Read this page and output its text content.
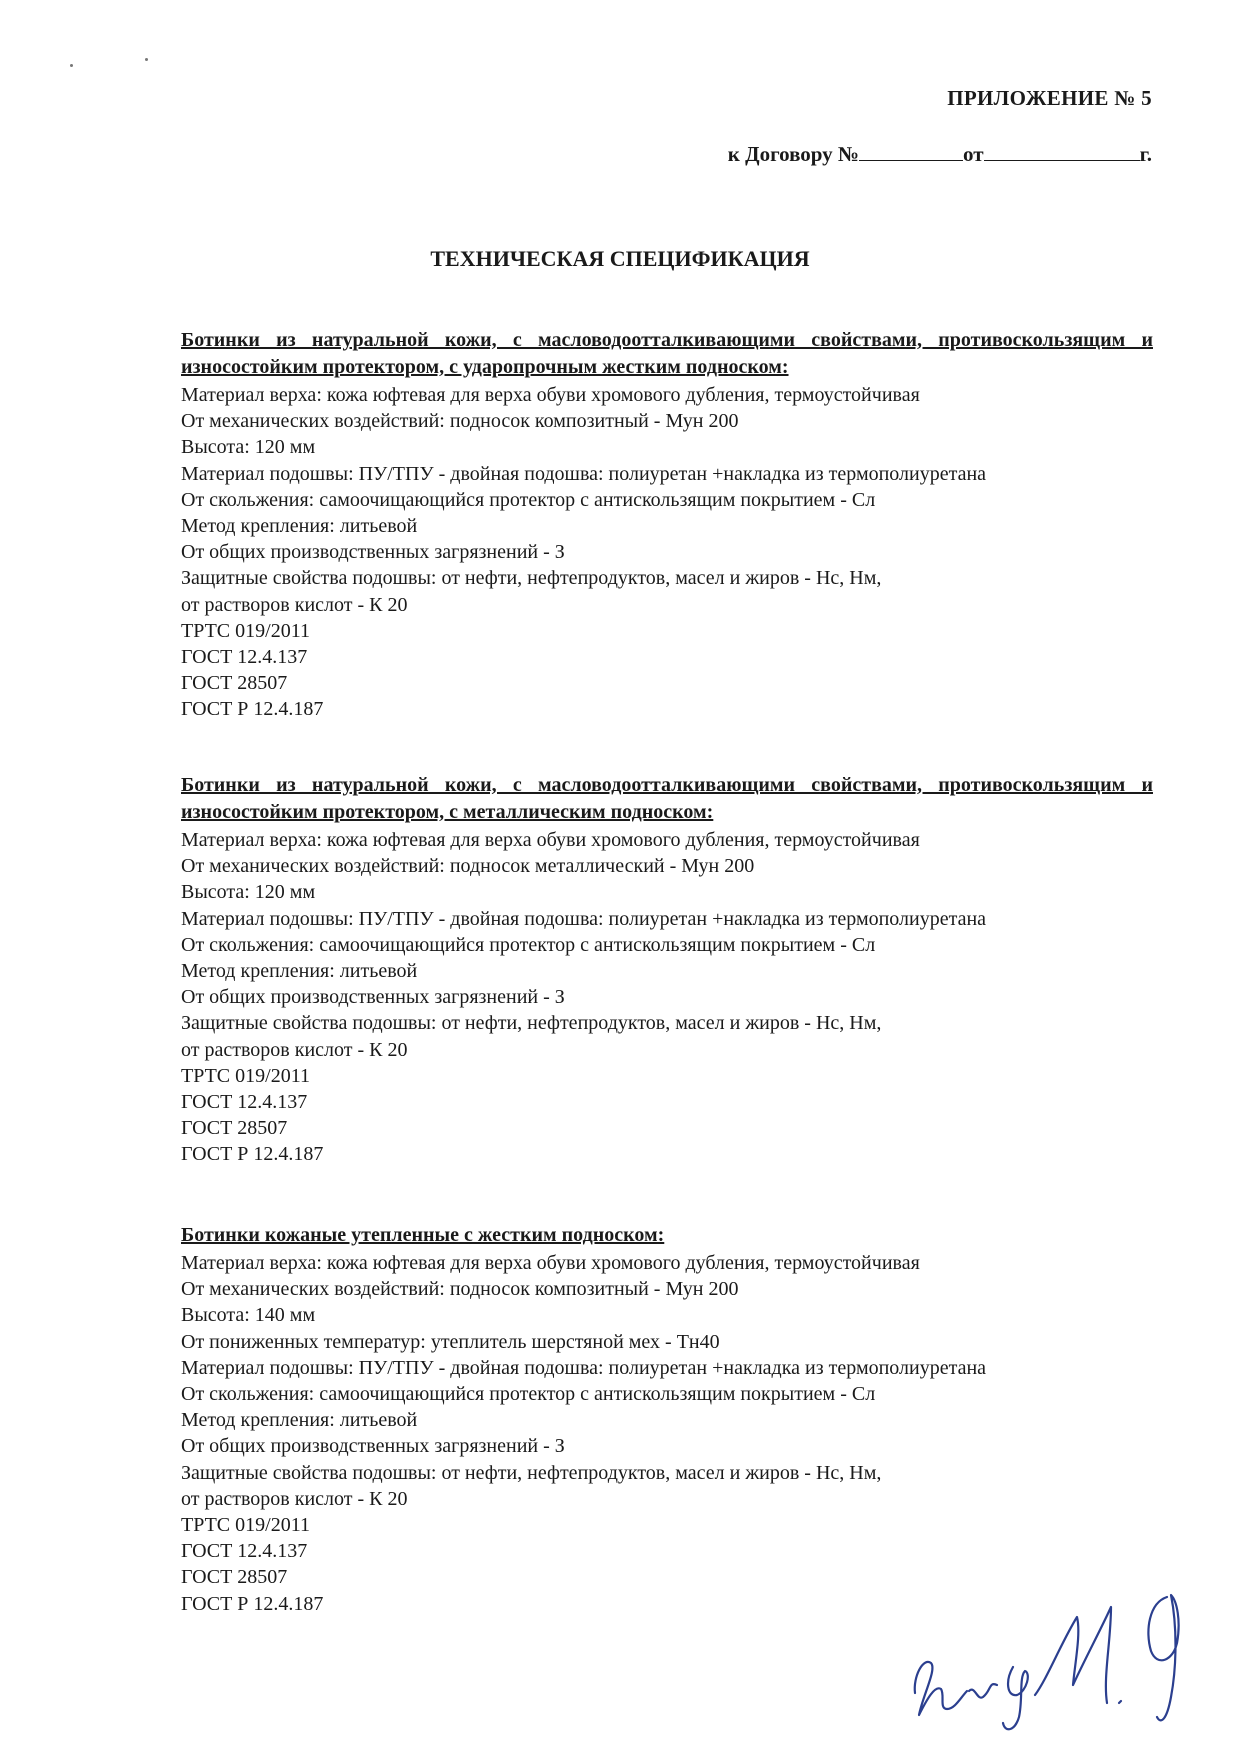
ПРИЛОЖЕНИЕ № 5
к Договору №	от	г.
ТЕХНИЧЕСКАЯ СПЕЦИФИКАЦИЯ
Ботинки из натуральной кожи, с масловодоотталкивающими свойствами, противоскользящим и износостойким протектором, с ударопрочным жестким подноском:
Материал верха: кожа юфтевая для верха обуви хромового дубления, термоустойчивая
От механических воздействий: подносок композитный - Мун 200
Высота: 120 мм
Материал подошвы: ПУ/ТПУ - двойная подошва: полиуретан +накладка из термополиуретана
От скольжения: самоочищающийся протектор с антискользящим покрытием - Сл
Метод крепления: литьевой
От общих производственных загрязнений - З
Защитные свойства подошвы: от нефти, нефтепродуктов, масел и жиров - Нс, Нм,
от растворов кислот - К 20
ТРТС 019/2011
ГОСТ 12.4.137
ГОСТ 28507
ГОСТ Р 12.4.187
Ботинки из натуральной кожи, с масловодоотталкивающими свойствами, противоскользящим и износостойким протектором, с металлическим подноском:
Материал верха: кожа юфтевая для верха обуви хромового дубления, термоустойчивая
От механических воздействий: подносок металлический - Мун 200
Высота: 120 мм
Материал подошвы: ПУ/ТПУ - двойная подошва: полиуретан +накладка из термополиуретана
От скольжения: самоочищающийся протектор с антискользящим покрытием - Сл
Метод крепления: литьевой
От общих производственных загрязнений - З
Защитные свойства подошвы: от нефти, нефтепродуктов, масел и жиров - Нс, Нм,
от растворов кислот - К 20
ТРТС 019/2011
ГОСТ 12.4.137
ГОСТ 28507
ГОСТ Р 12.4.187
Ботинки кожаные утепленные с жестким подноском:
Материал верха: кожа юфтевая для верха обуви хромового дубления, термоустойчивая
От механических воздействий: подносок композитный - Мун 200
Высота: 140 мм
От пониженных температур: утеплитель шерстяной мех - Тн40
Материал подошвы: ПУ/ТПУ - двойная подошва: полиуретан +накладка из термополиуретана
От скольжения: самоочищающийся протектор с антискользящим покрытием - Сл
Метод крепления: литьевой
От общих производственных загрязнений - З
Защитные свойства подошвы: от нефти, нефтепродуктов, масел и жиров - Нс, Нм,
от растворов кислот - К 20
ТРТС 019/2011
ГОСТ 12.4.137
ГОСТ 28507
ГОСТ Р 12.4.187
